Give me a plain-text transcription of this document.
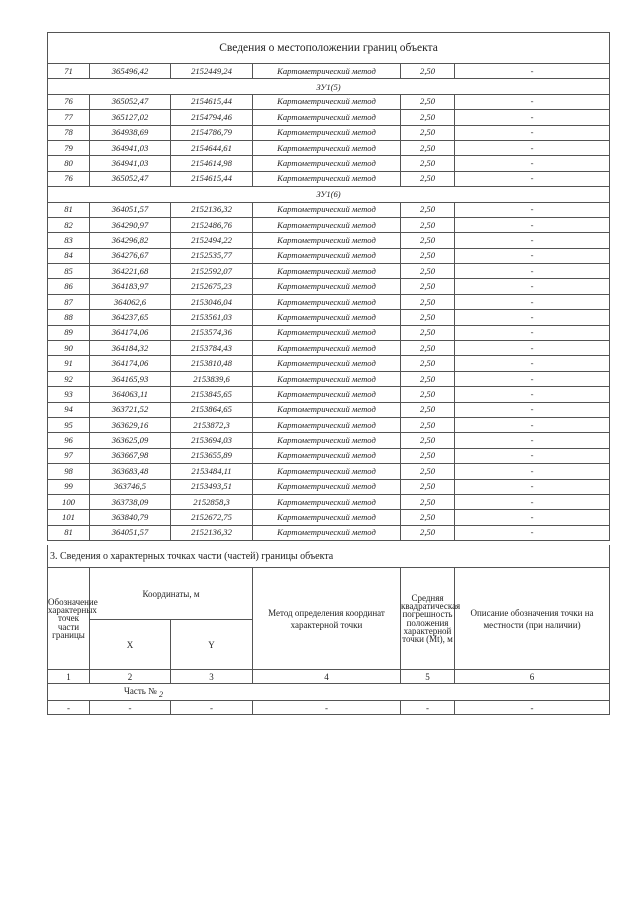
Сведения о местоположении границ объекта					
71	365496,42	2152449,24	Картометрический метод	2,50	-
ЗУ1(5)					
76	365052,47	2154615,44	Картометрический метод	2,50	-
77	365127,02	2154794,46	Картометрический метод	2,50	-
78	364938,69	2154786,79	Картометрический метод	2,50	-
79	364941,03	2154644,61	Картометрический метод	2,50	-
80	364941,03	2154614,98	Картометрический метод	2,50	-
76	365052,47	2154615,44	Картометрический метод	2,50	-
ЗУ1(6)					
81	364051,57	2152136,32	Картометрический метод	2,50	-
82	364290,97	2152486,76	Картометрический метод	2,50	-
83	364296,82	2152494,22	Картометрический метод	2,50	-
84	364276,67	2152535,77	Картометрический метод	2,50	-
85	364221,68	2152592,07	Картометрический метод	2,50	-
86	364183,97	2152675,23	Картометрический метод	2,50	-
87	364062,6	2153046,04	Картометрический метод	2,50	-
88	364237,65	2153561,03	Картометрический метод	2,50	-
89	364174,06	2153574,36	Картометрический метод	2,50	-
90	364184,32	2153784,43	Картометрический метод	2,50	-
91	364174,06	2153810,48	Картометрический метод	2,50	-
92	364165,93	2153839,6	Картометрический метод	2,50	-
93	364063,11	2153845,65	Картометрический метод	2,50	-
94	363721,52	2153864,65	Картометрический метод	2,50	-
95	363629,16	2153872,3	Картометрический метод	2,50	-
96	363625,09	2153694,03	Картометрический метод	2,50	-
97	363667,98	2153655,89	Картометрический метод	2,50	-
98	363683,48	2153484,11	Картометрический метод	2,50	-
99	363746,5	2153493,51	Картометрический метод	2,50	-
100	363738,09	2152858,3	Картометрический метод	2,50	-
101	363840,79	2152672,75	Картометрический метод	2,50	-
81	364051,57	2152136,32	Картометрический метод	2,50	-
3. Сведения о характерных точках части (частей) границы объекта					
Обозначение характерных точек части границы	Координаты, м		Метод определения координат характерной точки	Средняя квадратическая погрешность положения характерной точки (Mt), м	Описание обозначения точки на местности (при наличии)
	X	Y			
1	2	3	4	5	6
Часть № 2					
-	-	-	-	-	-
